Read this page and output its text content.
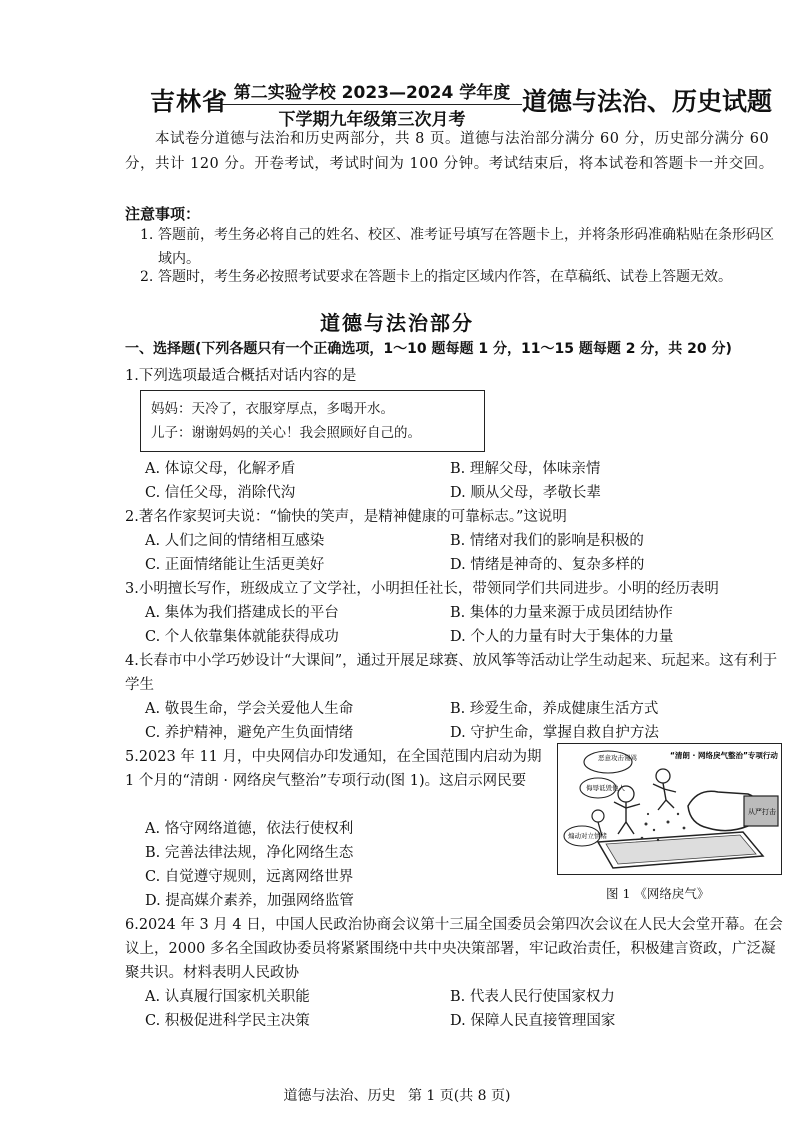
吉林省 第二实验学校 2023—2024 学年度
下学期九年级第三次月考
道德与法治、历史试题
本试卷分道德与法治和历史两部分，共 8 页。道德与法治部分满分 60 分，历史部分满分 60 分，共计 120 分。开卷考试，考试时间为 100 分钟。考试结束后，将本试卷和答题卡一并交回。
注意事项：
1. 答题前，考生务必将自己的姓名、校区、准考证号填写在答题卡上，并将条形码准确粘贴在条形码区域内。
2. 答题时，考生务必按照考试要求在答题卡上的指定区域内作答，在草稿纸、试卷上答题无效。
道德与法治部分
一、选择题(下列各题只有一个正确选项，1～10 题每题 1 分，11～15 题每题 2 分，共 20 分)
1.下列选项最适合概括对话内容的是
妈妈：天冷了，衣服穿厚点，多喝开水。
儿子：谢谢妈妈的关心！我会照顾好自己的。
A. 体谅父母，化解矛盾	B. 理解父母，体味亲情
C. 信任父母，消除代沟	D. 顺从父母，孝敬长辈
2.著名作家契诃夫说：“愉快的笑声，是精神健康的可靠标志。”这说明
A. 人们之间的情绪相互感染	B. 情绪对我们的影响是积极的
C. 正面情绪能让生活更美好	D. 情绪是神奇的、复杂多样的
3.小明擅长写作，班级成立了文学社，小明担任社长，带领同学们共同进步。小明的经历表明
A. 集体为我们搭建成长的平台	B. 集体的力量来源于成员团结协作
C. 个人依靠集体就能获得成功	D. 个人的力量有时大于集体的力量
4.长春市中小学巧妙设计“大课间”，通过开展足球赛、放风筝等活动让学生动起来、玩起来。这有利于学生
A. 敬畏生命，学会关爱他人生命	B. 珍爱生命，养成健康生活方式
C. 养护精神，避免产生负面情绪	D. 守护生命，掌握自救自护方法
5.2023 年 11 月，中央网信办印发通知，在全国范围内启动为期 1 个月的“清朗 · 网络戾气整治”专项行动(图 1)。这启示网民要
A. 恪守网络道德，依法行使权利
B. 完善法律法规，净化网络生态
C. 自觉遵守规则，远离网络世界
D. 提高媒介素养，加强网络监管
恶意攻击谩骂	“清朗 · 网络戾气整治”专项行动
侮辱诋毁他人
从严打击
煽动对立情绪
图 1 《网络戾气》
6.2024 年 3 月 4 日，中国人民政治协商会议第十三届全国委员会第四次会议在人民大会堂开幕。在会议上，2000 多名全国政协委员将紧紧围绕中共中央决策部署，牢记政治责任，积极建言资政，广泛凝聚共识。材料表明人民政协
A. 认真履行国家机关职能	B. 代表人民行使国家权力
C. 积极促进科学民主决策	D. 保障人民直接管理国家
道德与法治、历史 第 1 页(共 8 页)
